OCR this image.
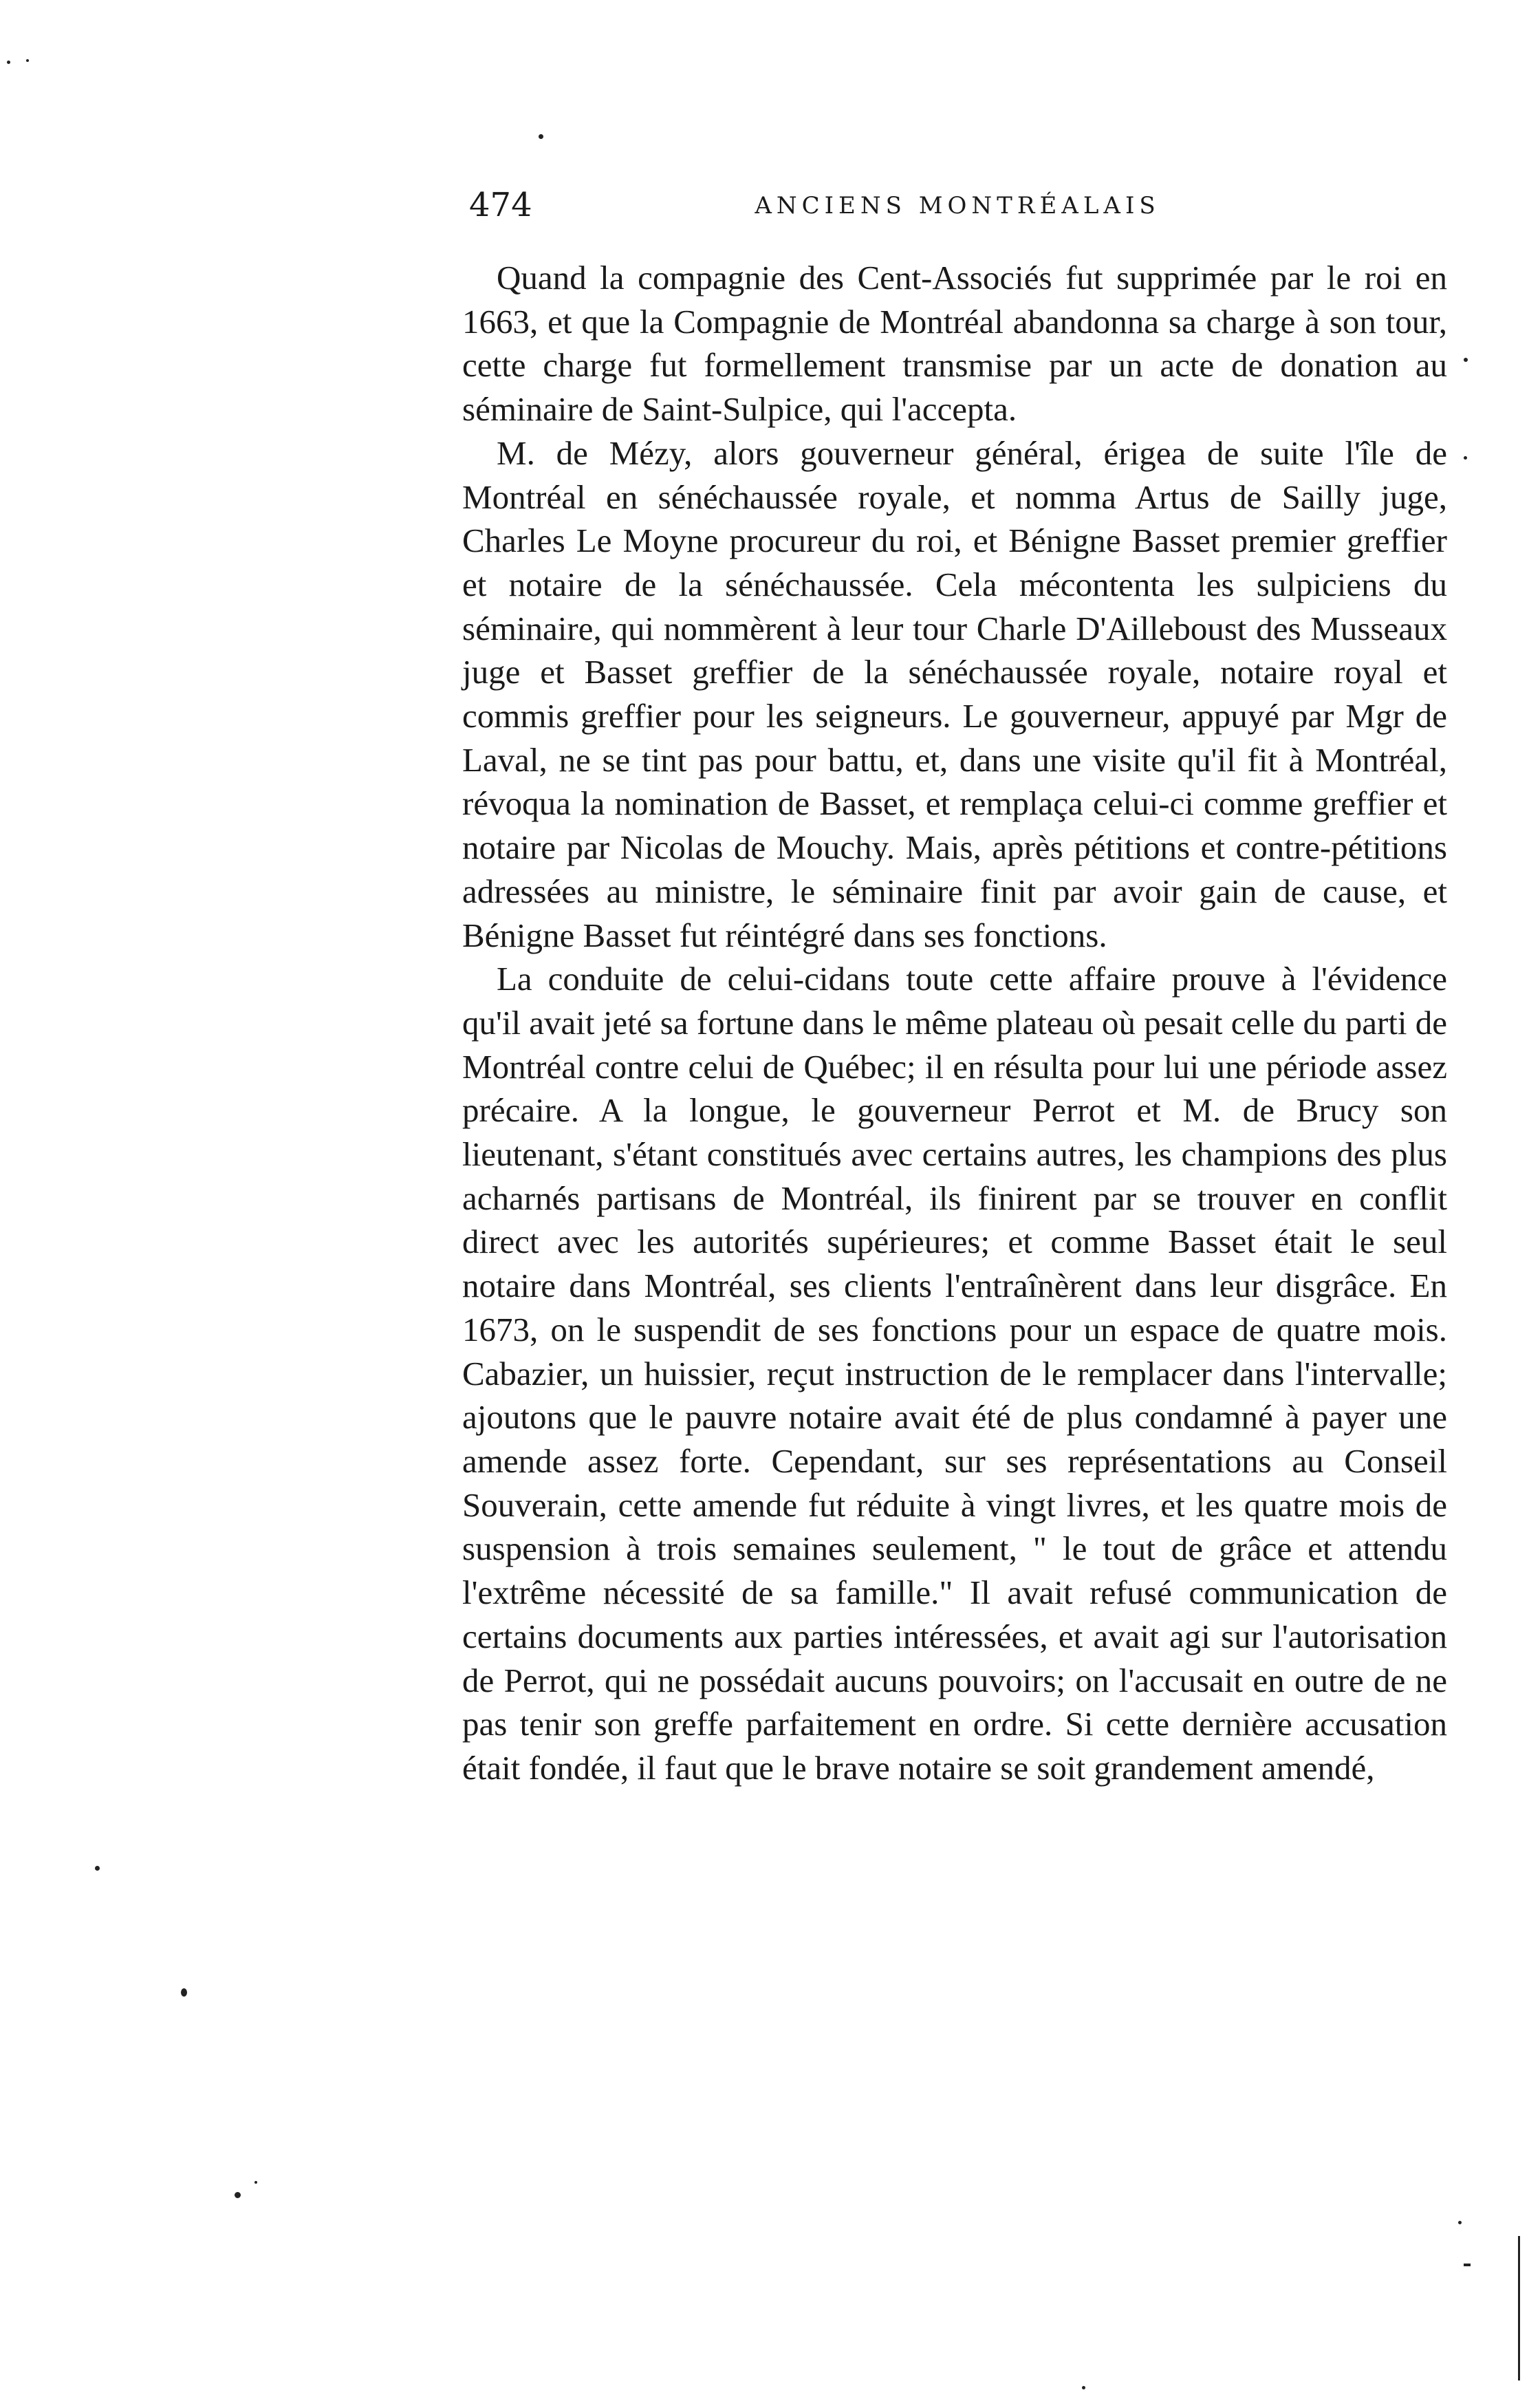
474	ANCIENS MONTRÉALAIS

Quand la compagnie des Cent-Associés fut supprimée par le roi en 1663, et que la Compagnie de Montréal abandonna sa charge à son tour, cette charge fut formellement transmise par un acte de donation au séminaire de Saint-Sulpice, qui l'accepta.

M. de Mézy, alors gouverneur général, érigea de suite l'île de Montréal en sénéchaussée royale, et nomma Artus de Sailly juge, Charles Le Moyne procureur du roi, et Bénigne Basset premier greffier et notaire de la sénéchaussée. Cela mécontenta les sulpiciens du séminaire, qui nommèrent à leur tour Charle D'Ailleboust des Musseaux juge et Basset greffier de la sénéchaussée royale, notaire royal et commis greffier pour les seigneurs. Le gouverneur, appuyé par Mgr de Laval, ne se tint pas pour battu, et, dans une visite qu'il fit à Montréal, révoqua la nomination de Basset, et remplaça celui-ci comme greffier et notaire par Nicolas de Mouchy. Mais, après pétitions et contre-pétitions adressées au ministre, le séminaire finit par avoir gain de cause, et Bénigne Basset fut réintégré dans ses fonctions.

La conduite de celui-cidans toute cette affaire prouve à l'évidence qu'il avait jeté sa fortune dans le même plateau où pesait celle du parti de Montréal contre celui de Québec; il en résulta pour lui une période assez précaire. A la longue, le gouverneur Perrot et M. de Brucy son lieutenant, s'étant constitués avec certains autres, les champions des plus acharnés partisans de Montréal, ils finirent par se trouver en conflit direct avec les autorités supérieures; et comme Basset était le seul notaire dans Montréal, ses clients l'entraînèrent dans leur disgrâce. En 1673, on le suspendit de ses fonctions pour un espace de quatre mois. Cabazier, un huissier, reçut instruction de le remplacer dans l'intervalle; ajoutons que le pauvre notaire avait été de plus condamné à payer une amende assez forte. Cependant, sur ses représentations au Conseil Souverain, cette amende fut réduite à vingt livres, et les quatre mois de suspension à trois semaines seulement, " le tout de grâce et attendu l'extrême nécessité de sa famille." Il avait refusé communication de certains documents aux parties intéressées, et avait agi sur l'autorisation de Perrot, qui ne possédait aucuns pouvoirs; on l'accusait en outre de ne pas tenir son greffe parfaitement en ordre. Si cette dernière accusation était fondée, il faut que le brave notaire se soit grandement amendé,
